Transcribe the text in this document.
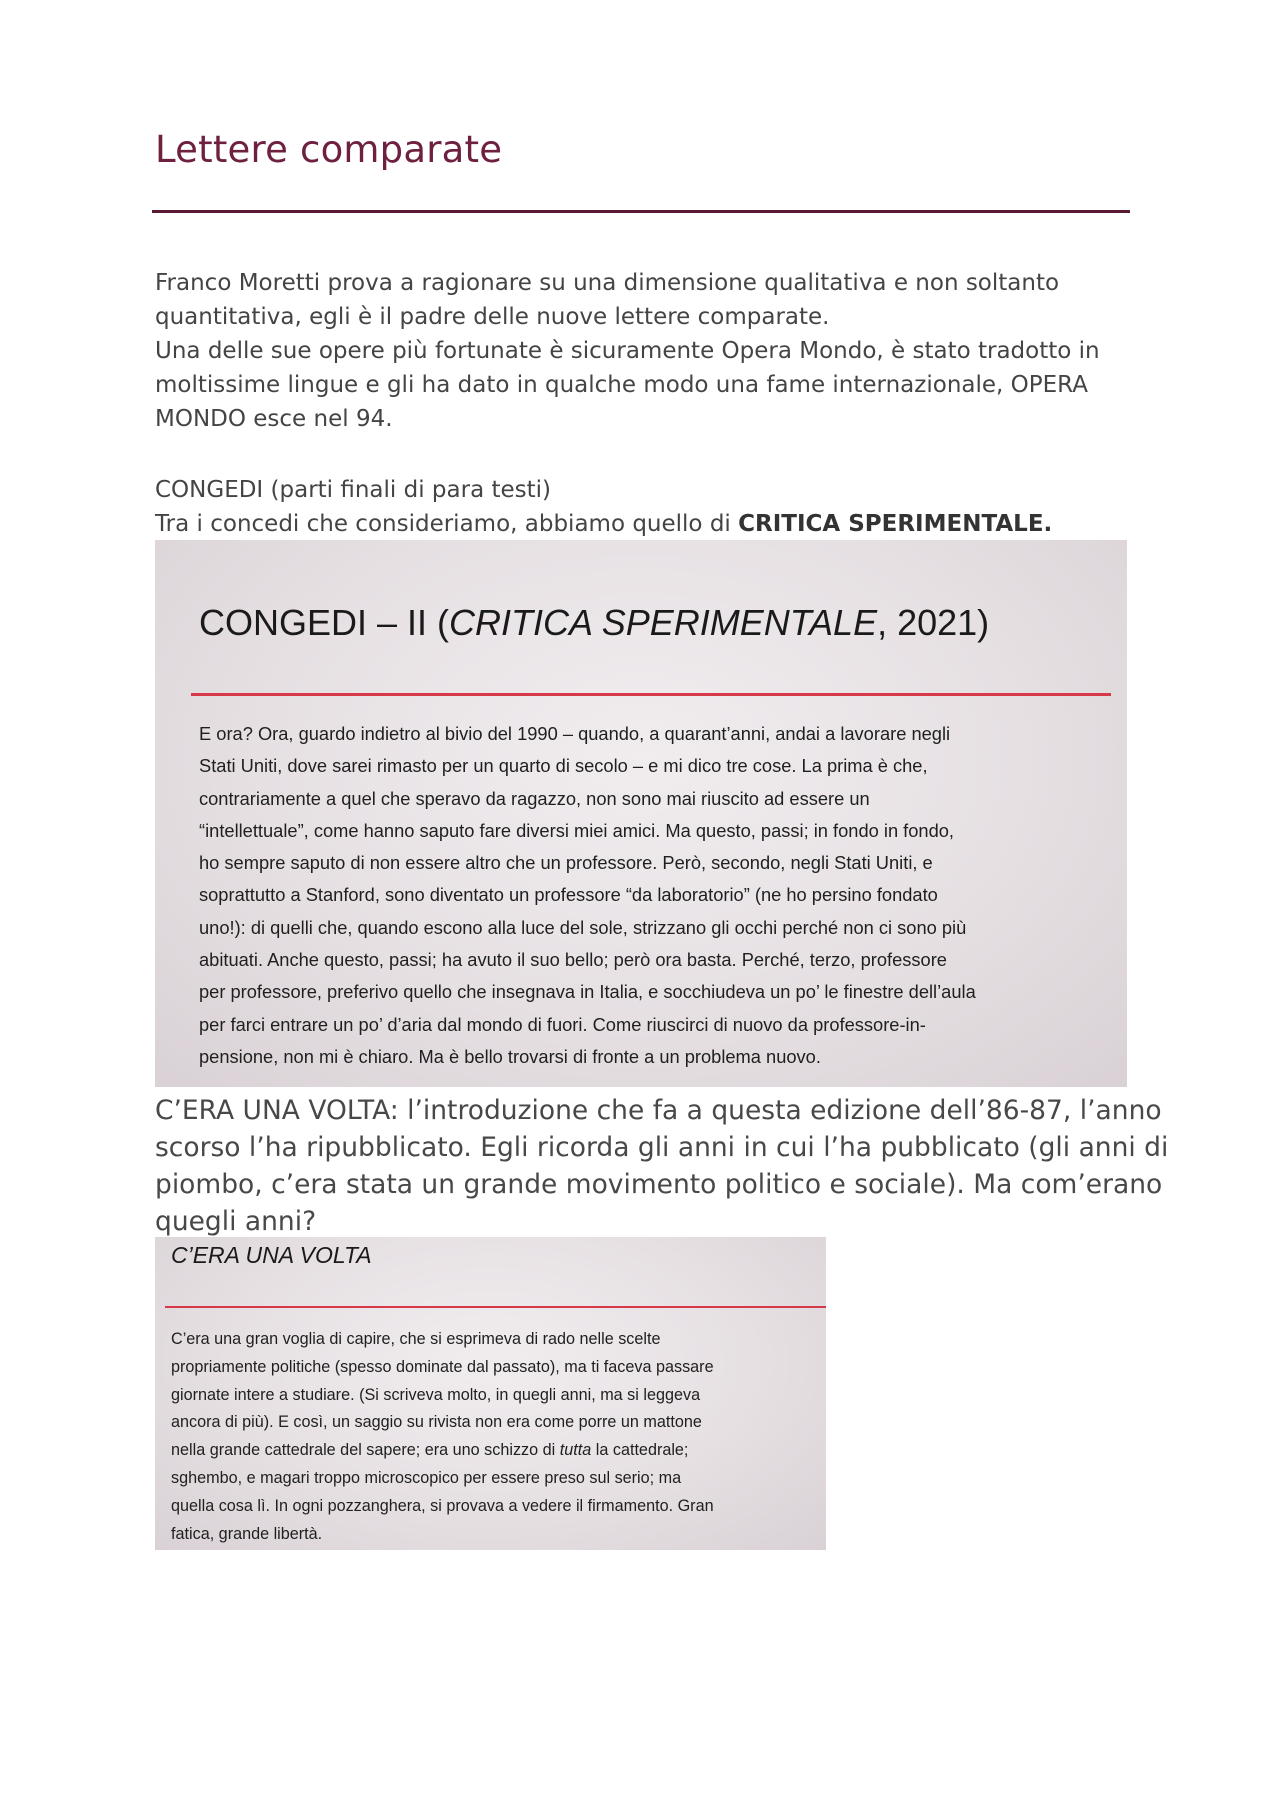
Lettere comparate

Franco Moretti prova a ragionare su una dimensione qualitativa e non soltanto

quantitativa, egli è il padre delle nuove lettere comparate.

Una delle sue opere più fortunate è sicuramente Opera Mondo, è stato tradotto in

moltissime lingue e gli ha dato in qualche modo una fame internazionale, OPERA

MONDO esce nel 94.

CONGEDI (parti finali di para testi)

Tra i concedi che consideriamo, abbiamo quello di CRITICA SPERIMENTALE.

CONGEDI – II (CRITICA SPERIMENTALE, 2021)

E ora? Ora, guardo indietro al bivio del 1990 – quando, a quarant’anni, andai a lavorare negli

Stati Uniti, dove sarei rimasto per un quarto di secolo – e mi dico tre cose. La prima è che,

contrariamente a quel che speravo da ragazzo, non sono mai riuscito ad essere un

“intellettuale”, come hanno saputo fare diversi miei amici. Ma questo, passi; in fondo in fondo,

ho sempre saputo di non essere altro che un professore. Però, secondo, negli Stati Uniti, e

soprattutto a Stanford, sono diventato un professore “da laboratorio” (ne ho persino fondato

uno!): di quelli che, quando escono alla luce del sole, strizzano gli occhi perché non ci sono più

abituati. Anche questo, passi; ha avuto il suo bello; però ora basta. Perché, terzo, professore

per professore, preferivo quello che insegnava in Italia, e socchiudeva un po’ le finestre dell’aula

per farci entrare un po’ d’aria dal mondo di fuori. Come riuscirci di nuovo da professore-in-

pensione, non mi è chiaro. Ma è bello trovarsi di fronte a un problema nuovo.

C’ERA UNA VOLTA: l’introduzione che fa a questa edizione dell’86-87, l’anno

scorso l’ha ripubblicato. Egli ricorda gli anni in cui l’ha pubblicato (gli anni di

piombo, c’era stata un grande movimento politico e sociale). Ma com’erano

quegli anni?

C’ERA UNA VOLTA

C’era una gran voglia di capire, che si esprimeva di rado nelle scelte

propriamente politiche (spesso dominate dal passato), ma ti faceva passare

giornate intere a studiare. (Si scriveva molto, in quegli anni, ma si leggeva

ancora di più). E così, un saggio su rivista non era come porre un mattone

nella grande cattedrale del sapere; era uno schizzo di tutta la cattedrale;

sghembo, e magari troppo microscopico per essere preso sul serio; ma

quella cosa lì. In ogni pozzanghera, si provava a vedere il firmamento. Gran

fatica, grande libertà.
